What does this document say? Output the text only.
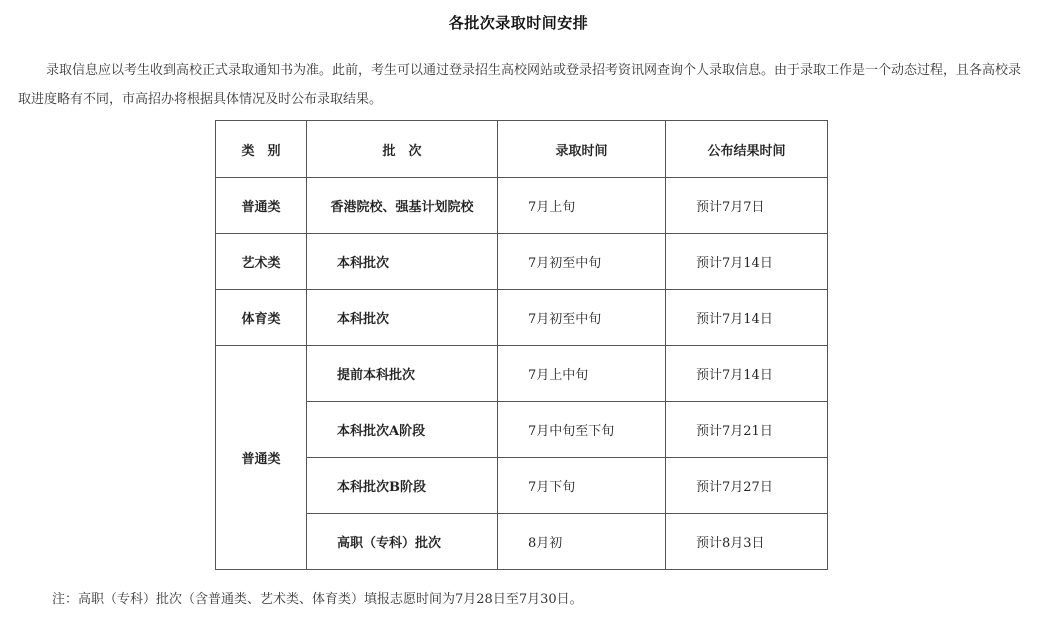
各批次录取时间安排
录取信息应以考生收到高校正式录取通知书为准。此前，考生可以通过登录招生高校网站或登录招考资讯网查询个人录取信息。由于录取工作是一个动态过程，且各高校录取进度略有不同，市高招办将根据具体情况及时公布录取结果。
类　别	批　次	录取时间	公布结果时间
普通类	香港院校、强基计划院校	7月上旬	预计7月7日
艺术类	本科批次	7月初至中旬	预计7月14日
体育类	本科批次	7月初至中旬	预计7月14日
普通类	提前本科批次	7月上中旬	预计7月14日
	本科批次A阶段	7月中旬至下旬	预计7月21日
	本科批次B阶段	7月下旬	预计7月27日
	高职（专科）批次	8月初	预计8月3日
注：高职（专科）批次（含普通类、艺术类、体育类）填报志愿时间为7月28日至7月30日。
